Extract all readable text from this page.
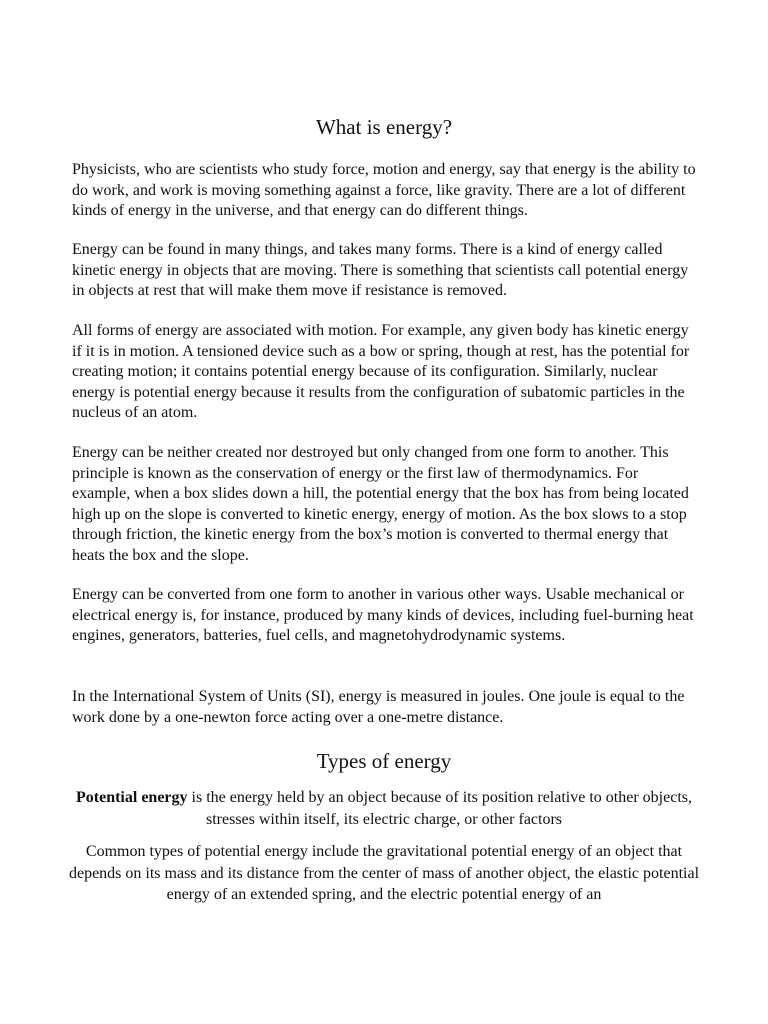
What is energy?

Physicists, who are scientists who study force, motion and energy, say that energy is the ability to do work, and work is moving something against a force, like gravity. There are a lot of different kinds of energy in the universe, and that energy can do different things.

Energy can be found in many things, and takes many forms. There is a kind of energy called kinetic energy in objects that are moving. There is something that scientists call potential energy in objects at rest that will make them move if resistance is removed.

All forms of energy are associated with motion. For example, any given body has kinetic energy if it is in motion. A tensioned device such as a bow or spring, though at rest, has the potential for creating motion; it contains potential energy because of its configuration. Similarly, nuclear energy is potential energy because it results from the configuration of subatomic particles in the nucleus of an atom.

Energy can be neither created nor destroyed but only changed from one form to another. This principle is known as the conservation of energy or the first law of thermodynamics. For example, when a box slides down a hill, the potential energy that the box has from being located high up on the slope is converted to kinetic energy, energy of motion. As the box slows to a stop through friction, the kinetic energy from the box’s motion is converted to thermal energy that heats the box and the slope.

Energy can be converted from one form to another in various other ways. Usable mechanical or electrical energy is, for instance, produced by many kinds of devices, including fuel-burning heat engines, generators, batteries, fuel cells, and magnetohydrodynamic systems.

In the International System of Units (SI), energy is measured in joules. One joule is equal to the work done by a one-newton force acting over a one-metre distance.

Types of energy

Potential energy is the energy held by an object because of its position relative to other objects, stresses within itself, its electric charge, or other factors

Common types of potential energy include the gravitational potential energy of an object that depends on its mass and its distance from the center of mass of another object, the elastic potential energy of an extended spring, and the electric potential energy of an
